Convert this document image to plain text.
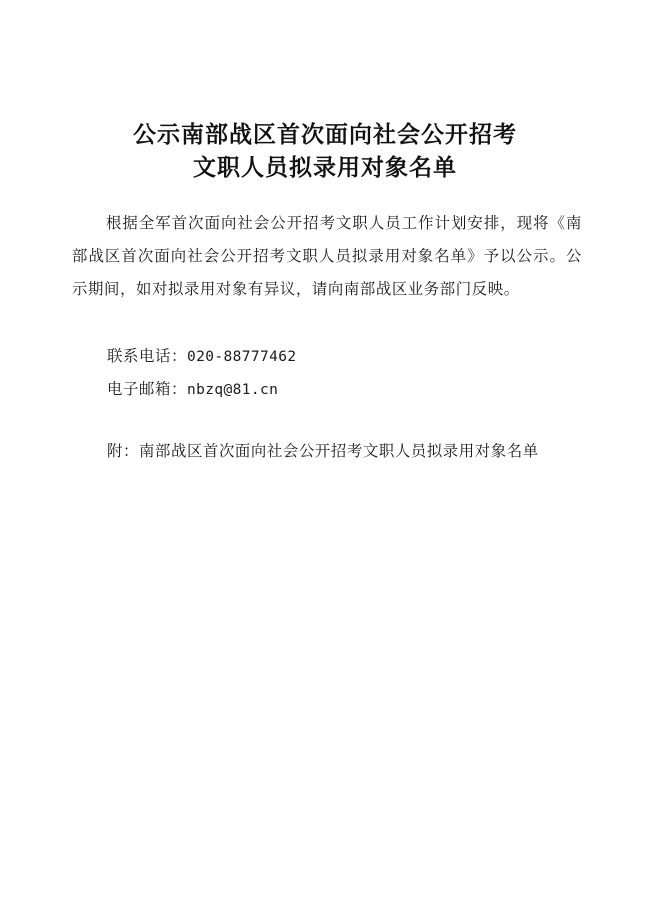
公示南部战区首次面向社会公开招考
文职人员拟录用对象名单
根据全军首次面向社会公开招考文职人员工作计划安排，现将《南部战区首次面向社会公开招考文职人员拟录用对象名单》予以公示。公示期间，如对拟录用对象有异议，请向南部战区业务部门反映。
联系电话：020-88777462
电子邮箱：nbzq@81.cn
附：南部战区首次面向社会公开招考文职人员拟录用对象名单
